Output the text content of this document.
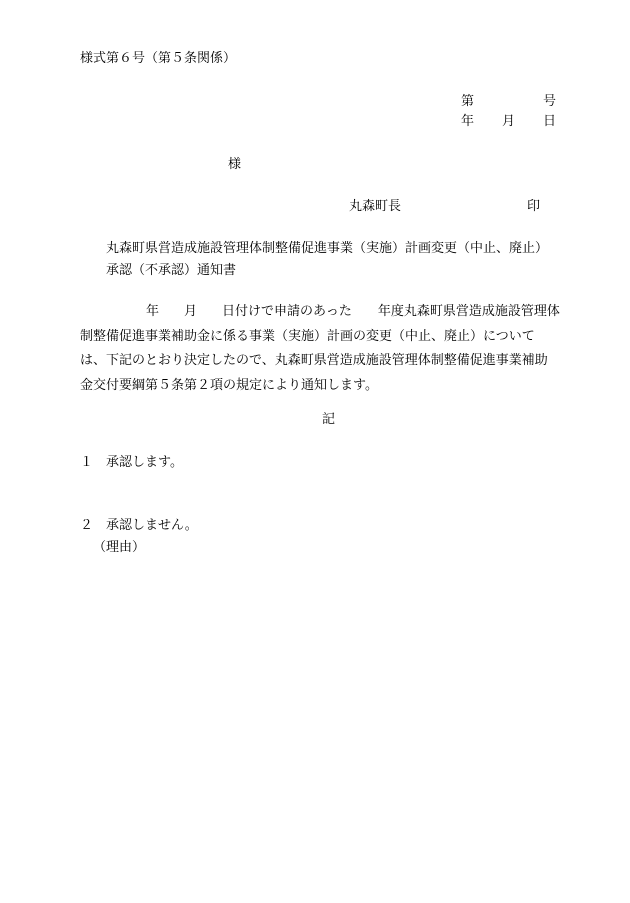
様式第６号（第５条関係）
第	号
年 月 日
様
丸森町長	印
丸森町県営造成施設管理体制整備促進事業（実施）計画変更（中止、廃止）
承認（不承認）通知書
年 月 日付けで申請のあった 年度丸森町県営造成施設管理体制整備促進事業補助金に係る事業（実施）計画の変更（中止、廃止）については、下記のとおり決定したので、丸森町県営造成施設管理体制整備促進事業補助金交付要綱第５条第２項の規定により通知します。
記
１ 承認します。
２ 承認しません。
（理由）
